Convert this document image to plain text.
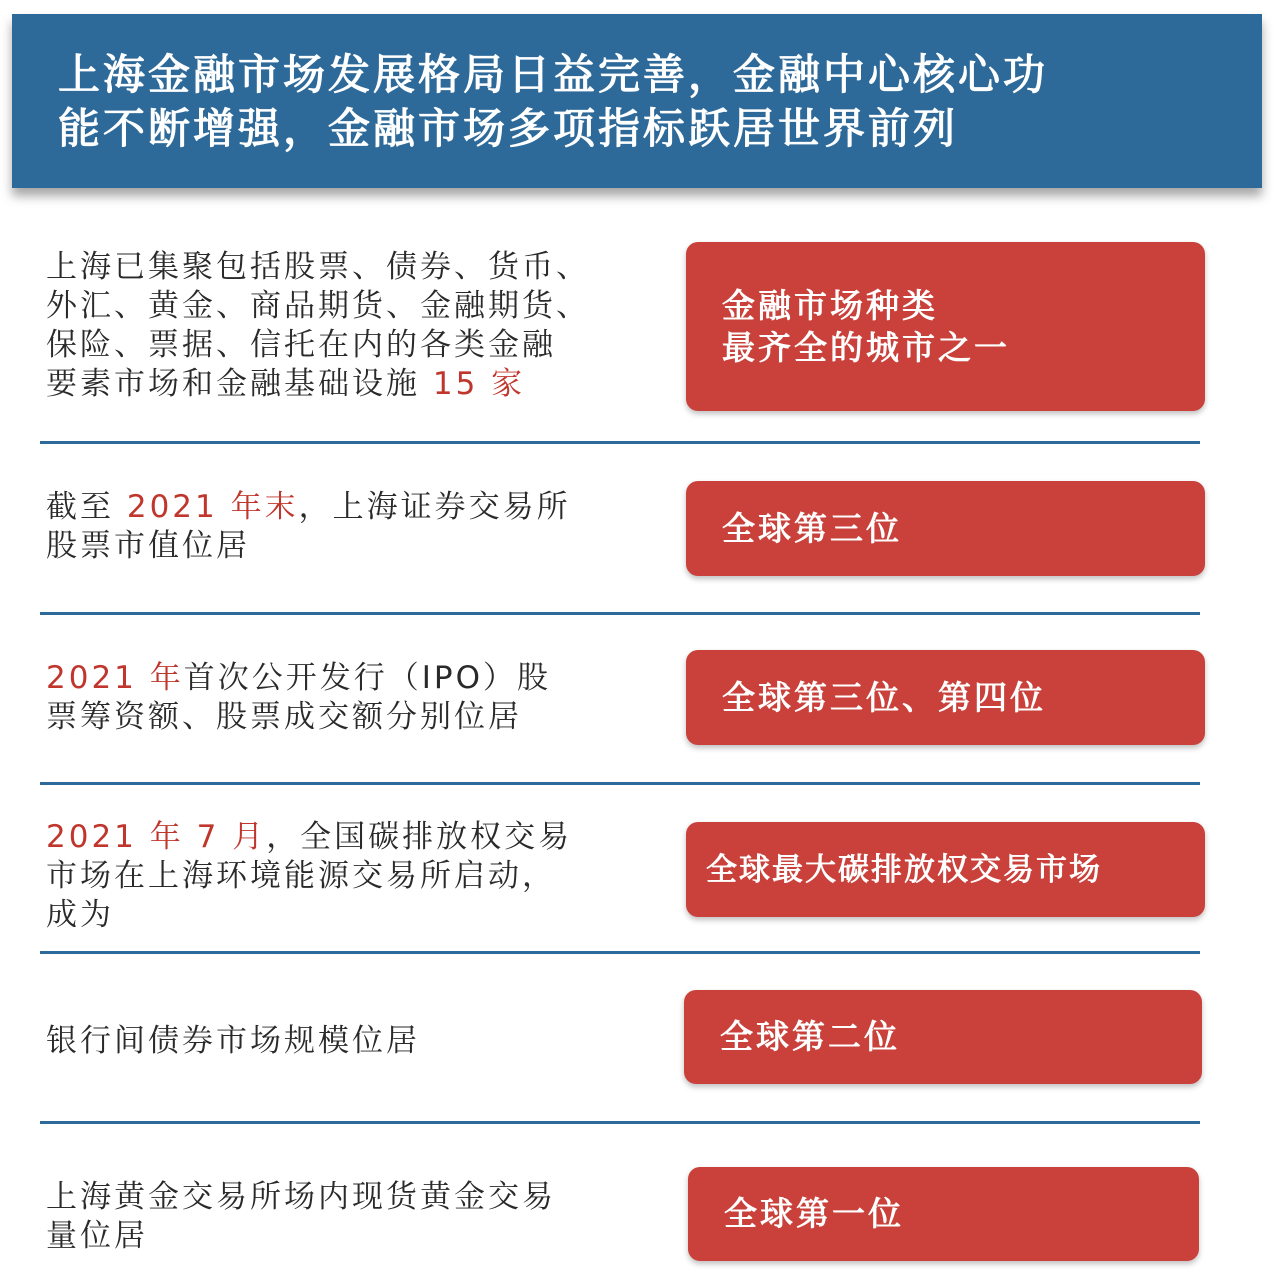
上海金融市场发展格局日益完善，金融中心核心功
能不断增强，金融市场多项指标跃居世界前列
上海已集聚包括股票、债券、货币、
外汇、黄金、商品期货、金融期货、
保险、票据、信托在内的各类金融
要素市场和金融基础设施 15 家
金融市场种类
最齐全的城市之一
截至 2021 年末，上海证券交易所
股票市值位居	全球第三位
2021 年首次公开发行（IPO）股
票筹资额、股票成交额分别位居
全球第三位、第四位
2021 年 7 月，全国碳排放权交易
市场在上海环境能源交易所启动，
成为
全球最大碳排放权交易市场
银行间债券市场规模位居	全球第二位
上海黄金交易所场内现货黄金交易
量位居
全球第一位
